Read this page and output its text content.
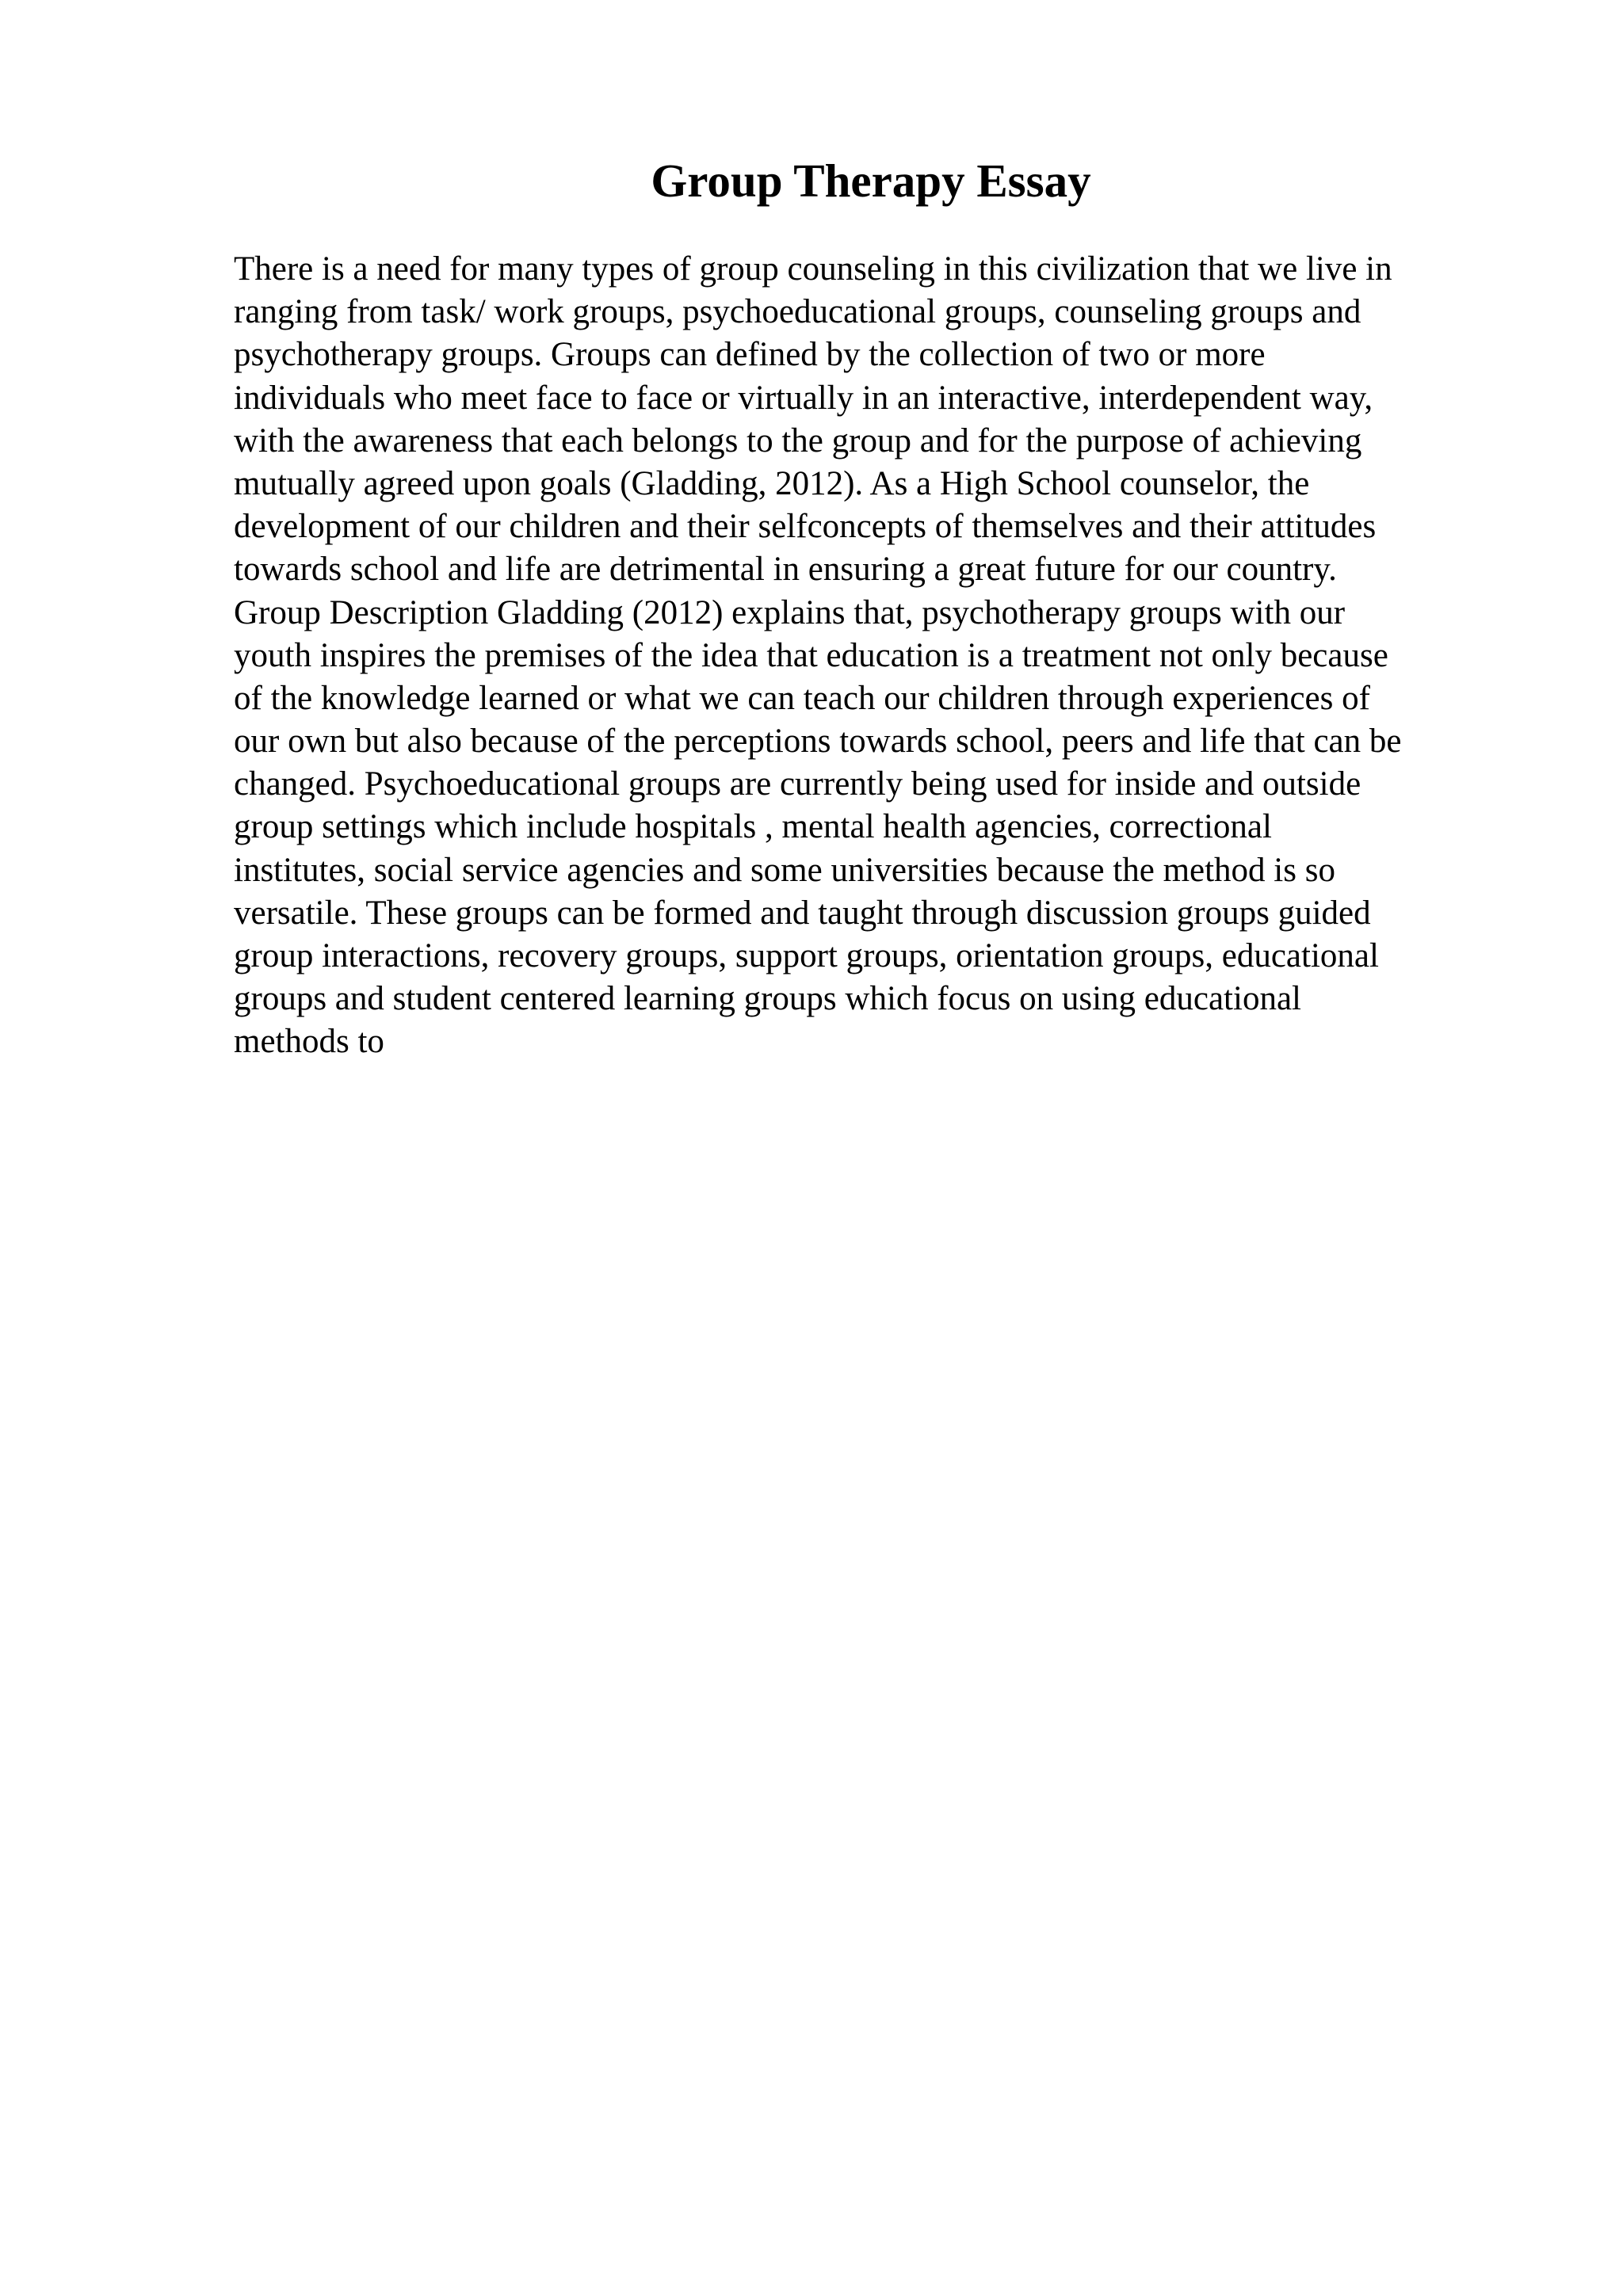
Group Therapy Essay
There is a need for many types of group counseling in this civilization that we live in
ranging from task/ work groups, psychoeducational groups, counseling groups and
psychotherapy groups. Groups can defined by the collection of two or more
individuals who meet face to face or virtually in an interactive, interdependent way,
with the awareness that each belongs to the group and for the purpose of achieving
mutually agreed upon goals (Gladding, 2012). As a High School counselor, the
development of our children and their selfconcepts of themselves and their attitudes
towards school and life are detrimental in ensuring a great future for our country.
Group Description Gladding (2012) explains that, psychotherapy groups with our
youth inspires the premises of the idea that education is a treatment not only because
of the knowledge learned or what we can teach our children through experiences of
our own but also because of the perceptions towards school, peers and life that can be
changed. Psychoeducational groups are currently being used for inside and outside
group settings which include hospitals , mental health agencies, correctional
institutes, social service agencies and some universities because the method is so
versatile. These groups can be formed and taught through discussion groups guided
group interactions, recovery groups, support groups, orientation groups, educational
groups and student centered learning groups which focus on using educational
methods to
